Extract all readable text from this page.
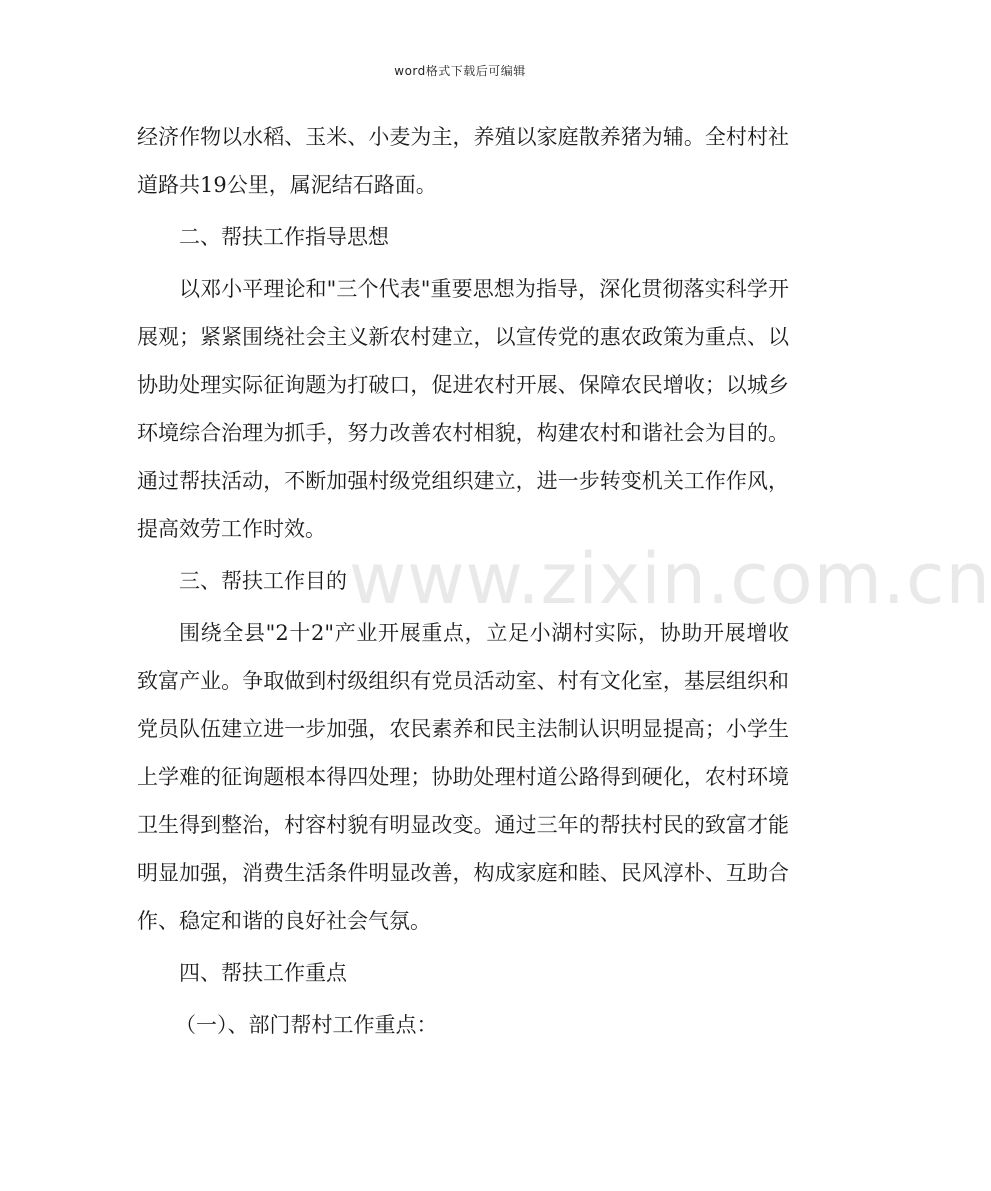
word格式下载后可编辑
www.zixin.com.cn

经济作物以水稻、玉米、小麦为主，养殖以家庭散养猪为辅。全村村社道路共19公里，属泥结石路面。

二、帮扶工作指导思想

以邓小平理论和"三个代表"重要思想为指导，深化贯彻落实科学开展观；紧紧围绕社会主义新农村建立，以宣传党的惠农政策为重点、以协助处理实际征询题为打破口，促进农村开展、保障农民增收；以城乡环境综合治理为抓手，努力改善农村相貌，构建农村和谐社会为目的。通过帮扶活动，不断加强村级党组织建立，进一步转变机关工作作风，提高效劳工作时效。

三、帮扶工作目的

围绕全县"2十2"产业开展重点，立足小湖村实际，协助开展增收致富产业。争取做到村级组织有党员活动室、村有文化室，基层组织和党员队伍建立进一步加强，农民素养和民主法制认识明显提高；小学生上学难的征询题根本得四处理；协助处理村道公路得到硬化，农村环境卫生得到整治，村容村貌有明显改变。通过三年的帮扶村民的致富才能明显加强，消费生活条件明显改善，构成家庭和睦、民风淳朴、互助合作、稳定和谐的良好社会气氛。

四、帮扶工作重点

（一）、部门帮村工作重点：
